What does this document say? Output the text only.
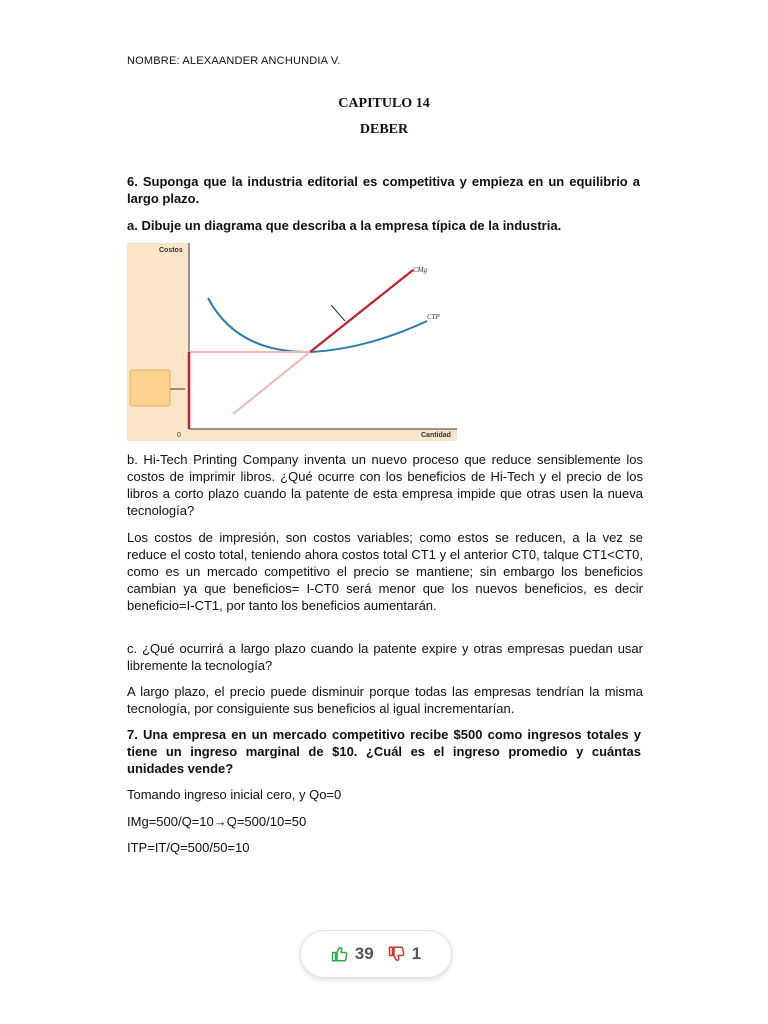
NOMBRE: ALEXAANDER ANCHUNDIA V.
CAPITULO 14
DEBER
6. Suponga que la industria editorial es competitiva y empieza en un equilibrio a largo plazo.
a. Dibuje un diagrama que describa a la empresa típica de la industria.
Costos
Cantidad
0
CMg
CTP
b. Hi-Tech Printing Company inventa un nuevo proceso que reduce sensiblemente los costos de imprimir libros. ¿Qué ocurre con los beneficios de Hi-Tech y el precio de los libros a corto plazo cuando la patente de esta empresa impide que otras usen la nueva tecnología?
Los costos de impresión, son costos variables; como estos se reducen, a la vez se reduce el costo total, teniendo ahora costos total CT1 y el anterior CT0, talque CT1<CT0, como es un mercado competitivo el precio se mantiene; sin embargo los beneficios cambian ya que beneficios= I-CT0 será menor que los nuevos beneficios, es decir beneficio=I-CT1, por tanto los beneficios aumentarán.
c. ¿Qué ocurrirá a largo plazo cuando la patente expire y otras empresas puedan usar libremente la tecnología?
A largo plazo, el precio puede disminuir porque todas las empresas tendrían la misma tecnología, por consiguiente sus beneficios al igual incrementarían.
7. Una empresa en un mercado competitivo recibe $500 como ingresos totales y tiene un ingreso marginal de $10. ¿Cuál es el ingreso promedio y cuántas unidades vende?
Tomando ingreso inicial cero, y Qo=0
IMg=500/Q=10→Q=500/10=50
ITP=IT/Q=500/50=10
39 1
